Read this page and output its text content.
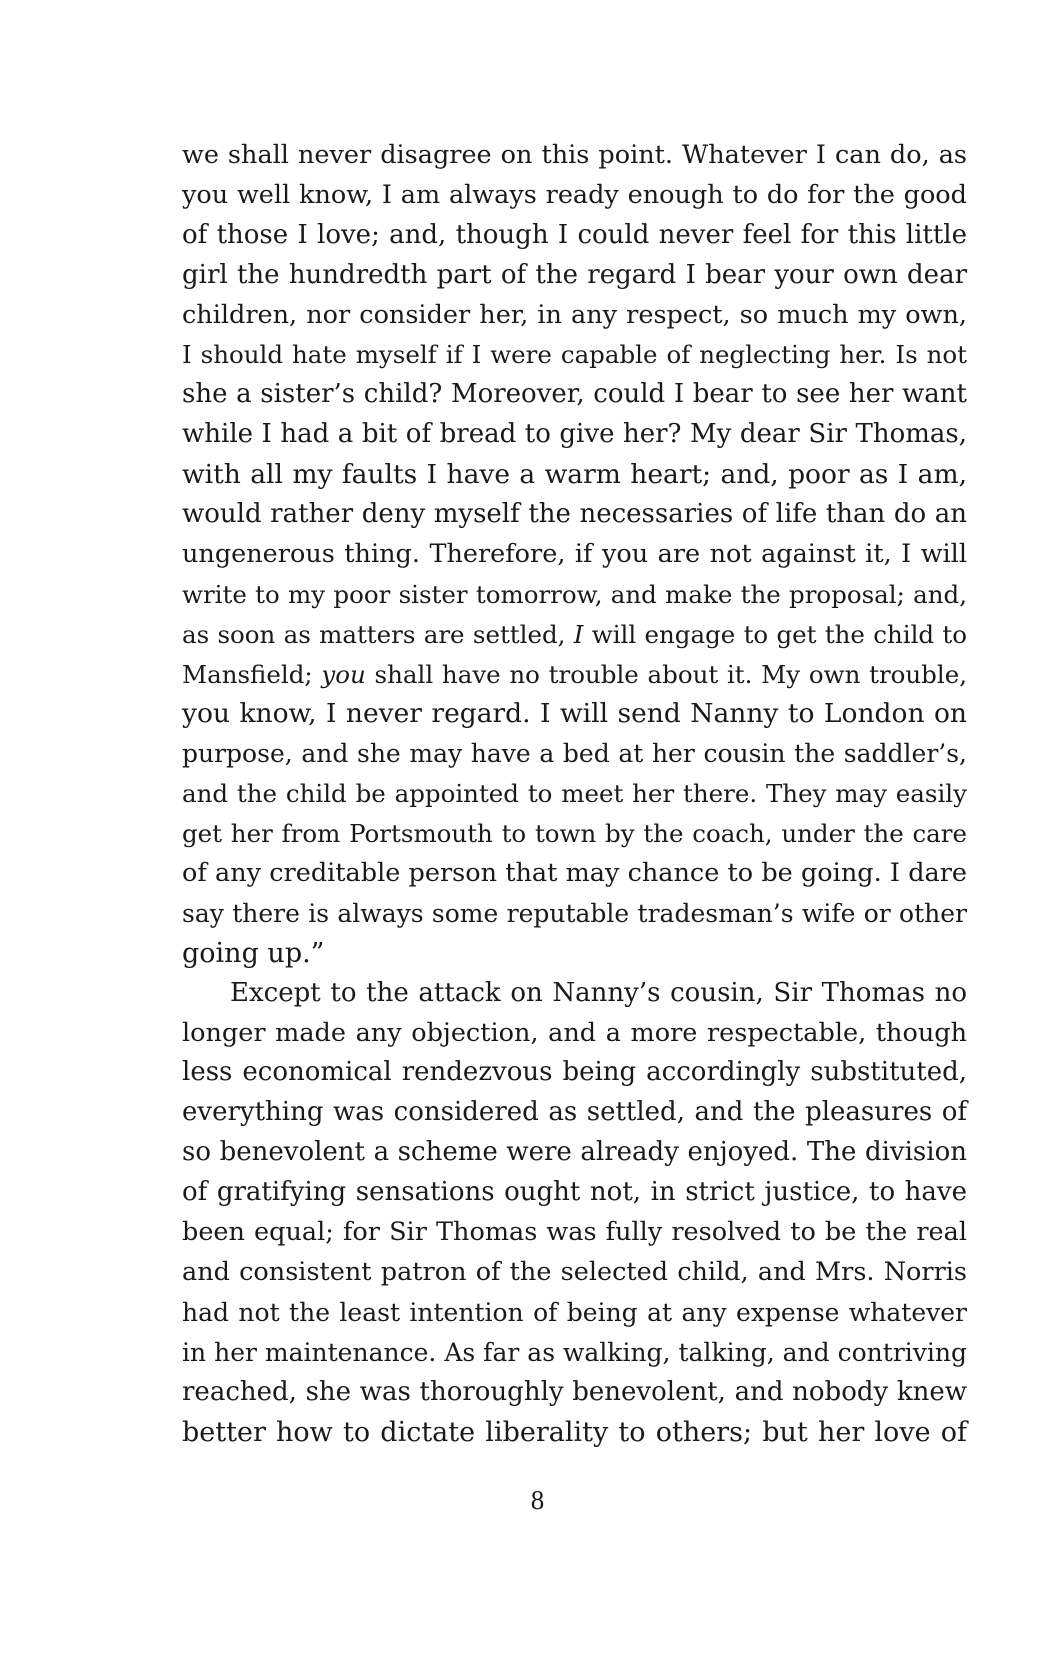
we shall never disagree on this point. Whatever I can do, as
you well know, I am always ready enough to do for the good
of those I love; and, though I could never feel for this little
girl the hundredth part of the regard I bear your own dear
children, nor consider her, in any respect, so much my own,
I should hate myself if I were capable of neglecting her. Is not
she a sister’s child? Moreover, could I bear to see her want
while I had a bit of bread to give her? My dear Sir Thomas,
with all my faults I have a warm heart; and, poor as I am,
would rather deny myself the necessaries of life than do an
ungenerous thing. Therefore, if you are not against it, I will
write to my poor sister tomorrow, and make the proposal; and,
as soon as matters are settled, I will engage to get the child to
Mansfield; you shall have no trouble about it. My own trouble,
you know, I never regard. I will send Nanny to London on
purpose, and she may have a bed at her cousin the saddler’s,
and the child be appointed to meet her there. They may easily
get her from Portsmouth to town by the coach, under the care
of any creditable person that may chance to be going. I dare
say there is always some reputable tradesman’s wife or other
going up.”
Except to the attack on Nanny’s cousin, Sir Thomas no
longer made any objection, and a more respectable, though
less economical rendezvous being accordingly substituted,
everything was considered as settled, and the pleasures of
so benevolent a scheme were already enjoyed. The division
of gratifying sensations ought not, in strict justice, to have
been equal; for Sir Thomas was fully resolved to be the real
and consistent patron of the selected child, and Mrs. Norris
had not the least intention of being at any expense whatever
in her maintenance. As far as walking, talking, and contriving
reached, she was thoroughly benevolent, and nobody knew
better how to dictate liberality to others; but her love of
8
